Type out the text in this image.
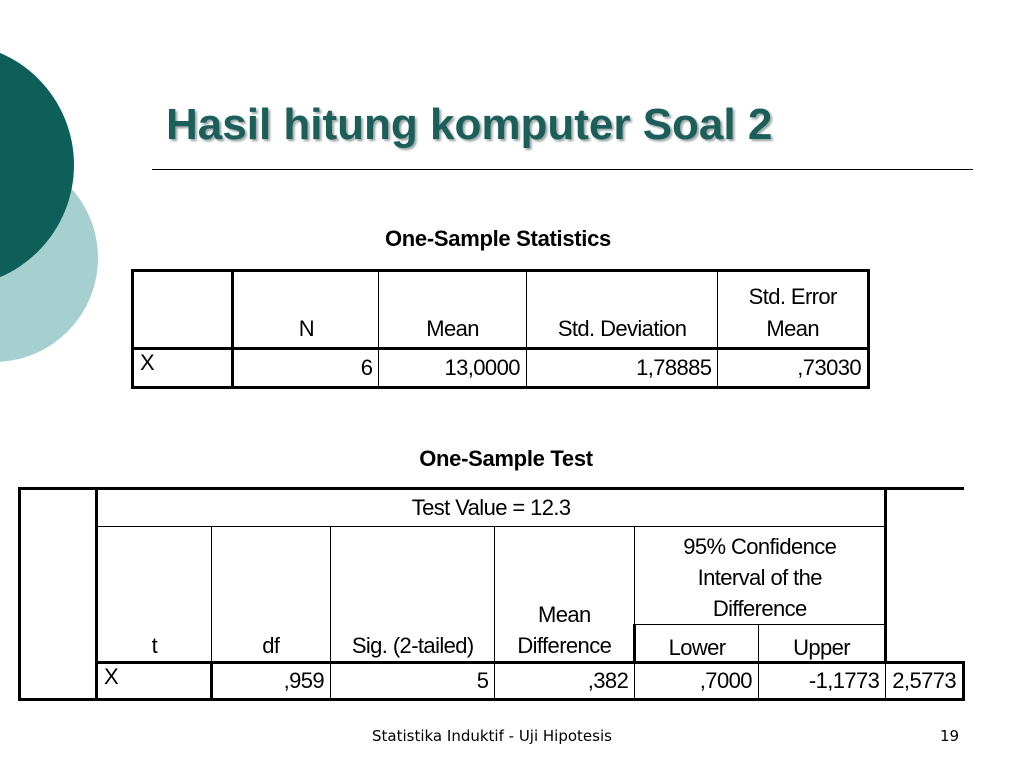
Hasil hitung komputer Soal 2
One-Sample Statistics
	N	Mean	Std. Deviation	Std. Error
Mean
X	6	13,0000	1,78885	,73030
One-Sample Test
	Test Value = 12.3						
	t	df	Sig. (2-tailed)	Mean
Difference	95% Confidence
Interval of the
Difference		
					Lower	Upper	
	X	,959	5	,382	,7000	-1,1773	2,5773
Statistika Induktif - Uji Hipotesis	19
